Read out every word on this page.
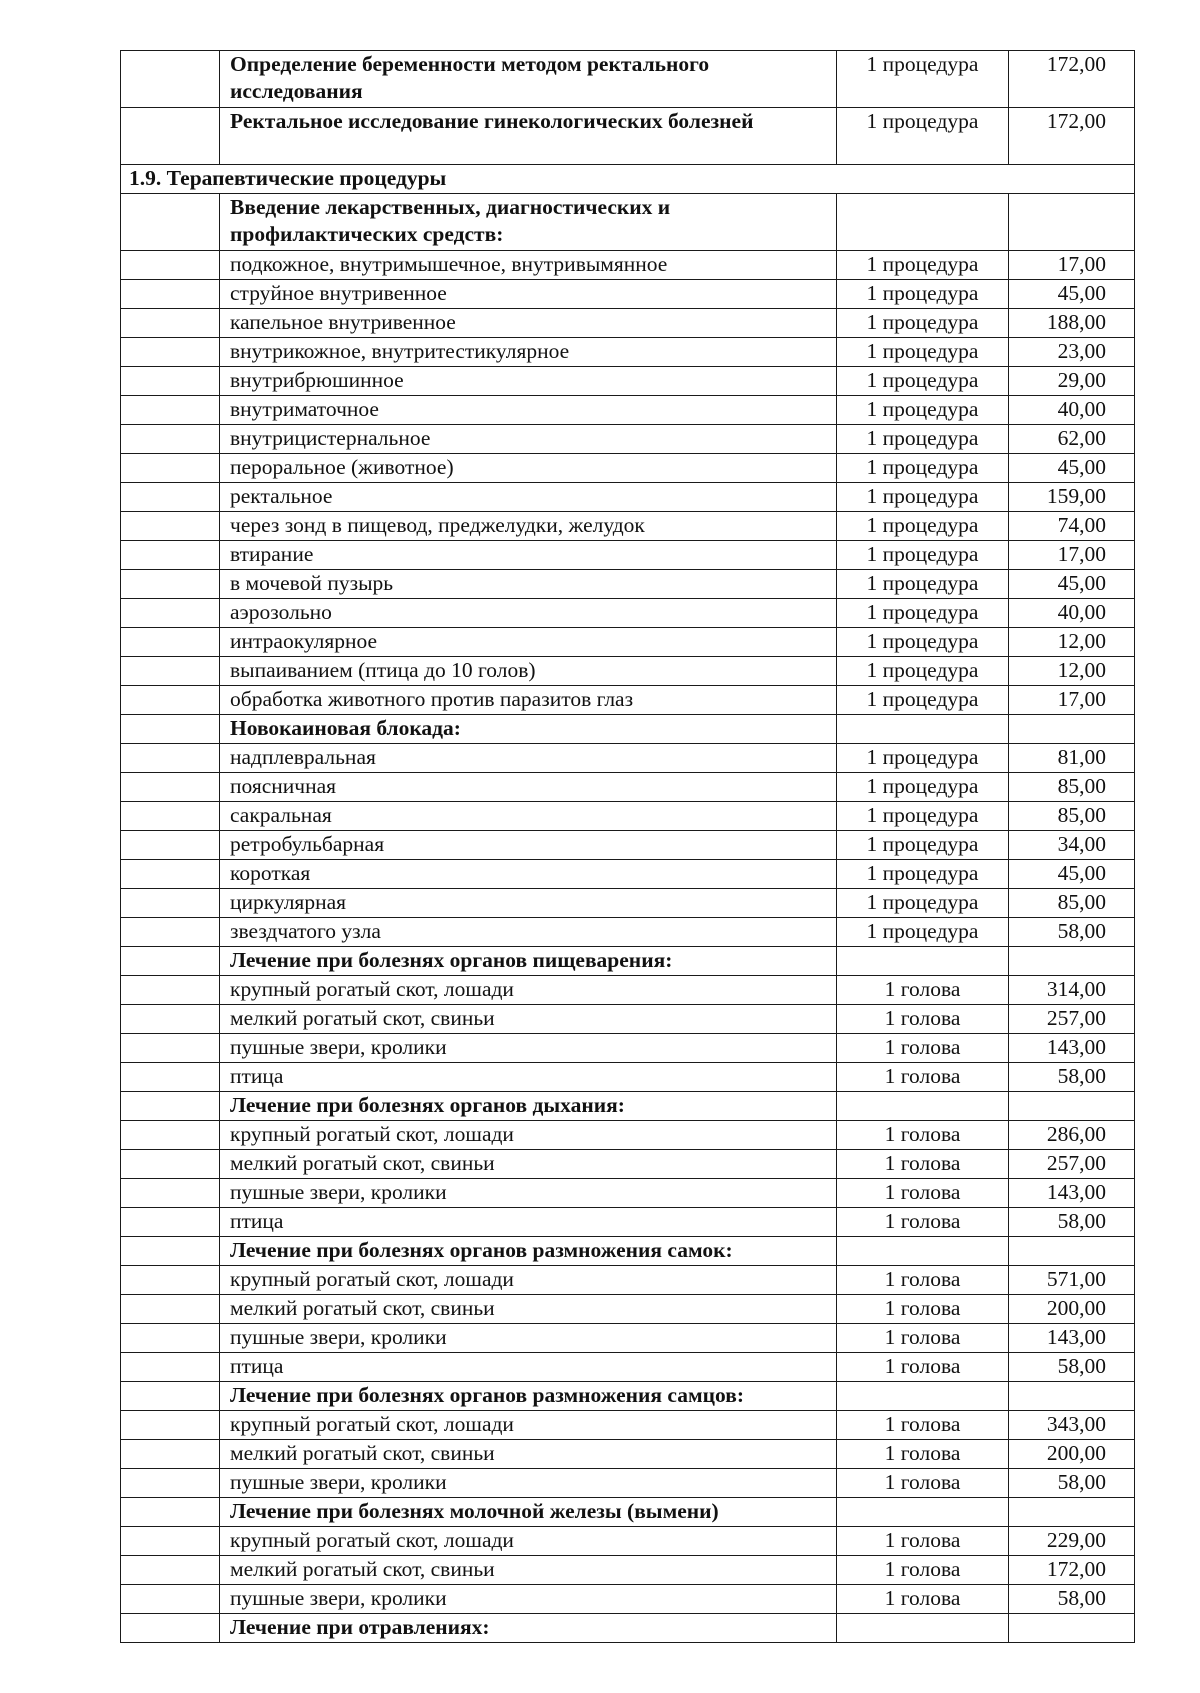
	Определение беременности методом ректального исследования	1 процедура	172,00
	Ректальное исследование гинекологических болезней	1 процедура	172,00
1.9. Терапевтические процедуры			
	Введение лекарственных, диагностических и профилактических средств:		
	подкожное, внутримышечное, внутривымянное	1 процедура	17,00
	струйное внутривенное	1 процедура	45,00
	капельное внутривенное	1 процедура	188,00
	внутрикожное, внутритестикулярное	1 процедура	23,00
	внутрибрюшинное	1 процедура	29,00
	внутриматочное	1 процедура	40,00
	внутрицистернальное	1 процедура	62,00
	пероральное (животное)	1 процедура	45,00
	ректальное	1 процедура	159,00
	через зонд в пищевод, преджелудки, желудок	1 процедура	74,00
	втирание	1 процедура	17,00
	в мочевой пузырь	1 процедура	45,00
	аэрозольно	1 процедура	40,00
	интраокулярное	1 процедура	12,00
	выпаиванием (птица до 10 голов)	1 процедура	12,00
	обработка животного против паразитов глаз	1 процедура	17,00
	Новокаиновая блокада:		
	надплевральная	1 процедура	81,00
	поясничная	1 процедура	85,00
	сакральная	1 процедура	85,00
	ретробульбарная	1 процедура	34,00
	короткая	1 процедура	45,00
	циркулярная	1 процедура	85,00
	звездчатого узла	1 процедура	58,00
	Лечение при болезнях органов пищеварения:		
	крупный рогатый скот, лошади	1 голова	314,00
	мелкий рогатый скот, свиньи	1 голова	257,00
	пушные звери, кролики	1 голова	143,00
	птица	1 голова	58,00
	Лечение при болезнях органов дыхания:		
	крупный рогатый скот, лошади	1 голова	286,00
	мелкий рогатый скот, свиньи	1 голова	257,00
	пушные звери, кролики	1 голова	143,00
	птица	1 голова	58,00
	Лечение при болезнях органов размножения самок:		
	крупный рогатый скот, лошади	1 голова	571,00
	мелкий рогатый скот, свиньи	1 голова	200,00
	пушные звери, кролики	1 голова	143,00
	птица	1 голова	58,00
	Лечение при болезнях органов размножения самцов:		
	крупный рогатый скот, лошади	1 голова	343,00
	мелкий рогатый скот, свиньи	1 голова	200,00
	пушные звери, кролики	1 голова	58,00
	Лечение при болезнях молочной железы (вымени)		
	крупный рогатый скот, лошади	1 голова	229,00
	мелкий рогатый скот, свиньи	1 голова	172,00
	пушные звери, кролики	1 голова	58,00
	Лечение при отравлениях:		
